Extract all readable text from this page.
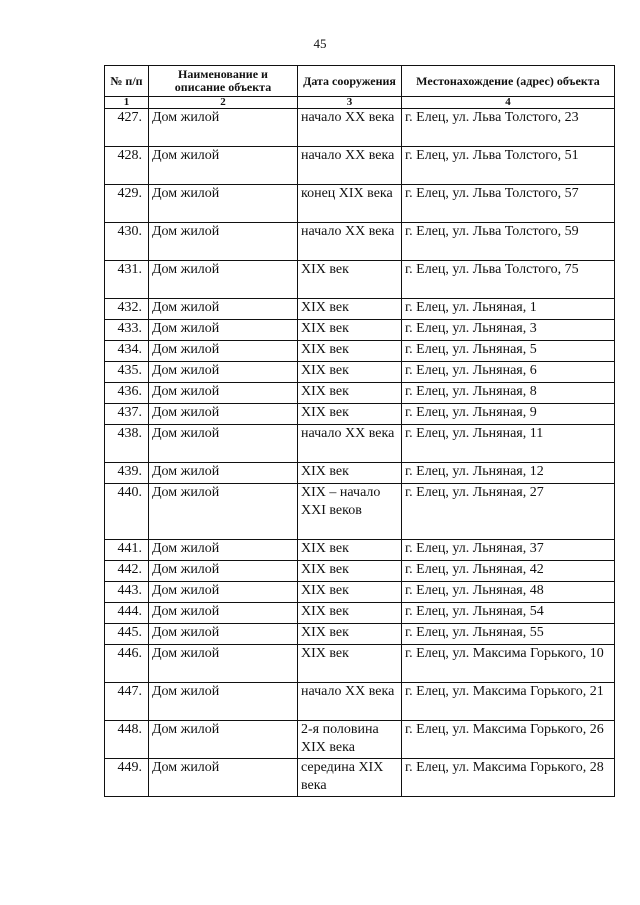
45
№ п/п	Наименование и описание объекта	Дата сооружения	Местонахождение (адрес) объекта
1	2	3	4
427.	Дом жилой	начало XX века	г. Елец, ул. Льва Толстого, 23
428.	Дом жилой	начало XX века	г. Елец, ул. Льва Толстого, 51
429.	Дом жилой	конец XIX века	г. Елец, ул. Льва Толстого, 57
430.	Дом жилой	начало XX века	г. Елец, ул. Льва Толстого, 59
431.	Дом жилой	XIX век	г. Елец, ул. Льва Толстого, 75
432.	Дом жилой	XIX век	г. Елец, ул. Льняная, 1
433.	Дом жилой	XIX век	г. Елец, ул. Льняная, 3
434.	Дом жилой	XIX век	г. Елец, ул. Льняная, 5
435.	Дом жилой	XIX век	г. Елец, ул. Льняная, 6
436.	Дом жилой	XIX век	г. Елец, ул. Льняная, 8
437.	Дом жилой	XIX век	г. Елец, ул. Льняная, 9
438.	Дом жилой	начало XX века	г. Елец, ул. Льняная, 11
439.	Дом жилой	XIX век	г. Елец, ул. Льняная, 12
440.	Дом жилой	XIX – начало XXI веков	г. Елец, ул. Льняная, 27
441.	Дом жилой	XIX век	г. Елец, ул. Льняная, 37
442.	Дом жилой	XIX век	г. Елец, ул. Льняная, 42
443.	Дом жилой	XIX век	г. Елец, ул. Льняная, 48
444.	Дом жилой	XIX век	г. Елец, ул. Льняная, 54
445.	Дом жилой	XIX век	г. Елец, ул. Льняная, 55
446.	Дом жилой	XIX век	г. Елец, ул. Максима Горького, 10
447.	Дом жилой	начало XX века	г. Елец, ул. Максима Горького, 21
448.	Дом жилой	2-я половина XIX века	г. Елец, ул. Максима Горького, 26
449.	Дом жилой	середина XIX века	г. Елец, ул. Максима Горького, 28
